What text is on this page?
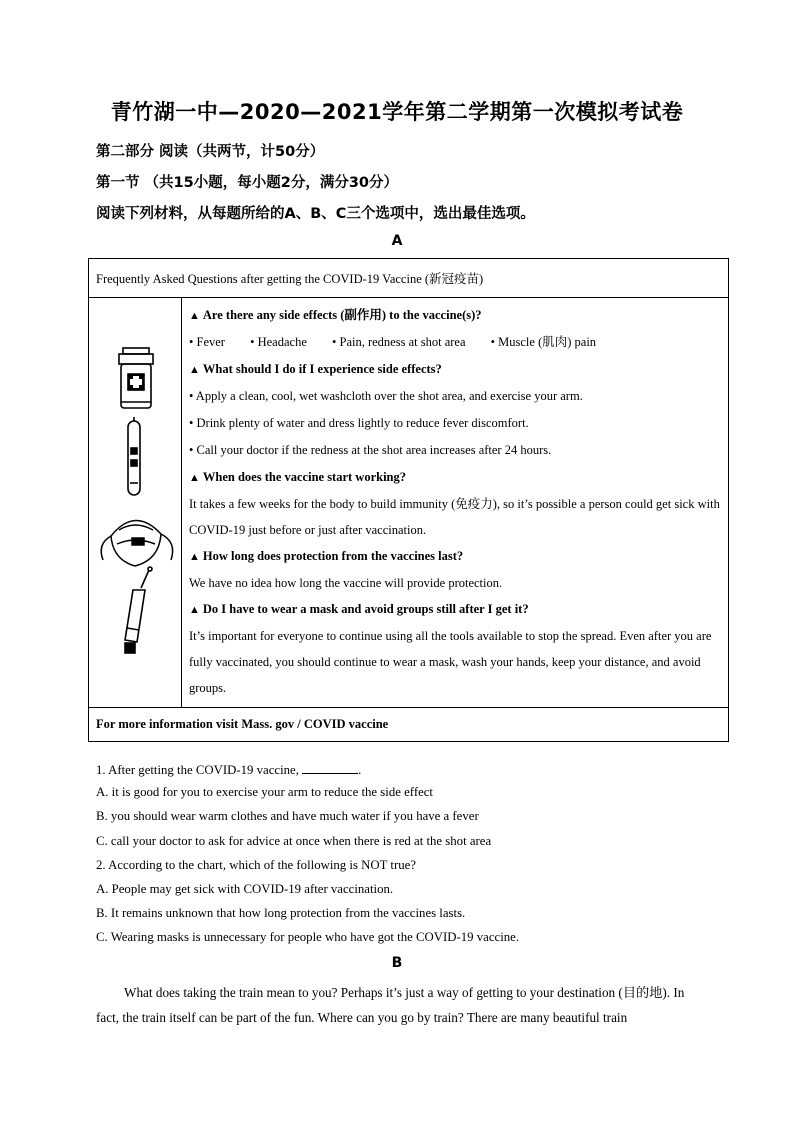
青竹湖一中—2020—2021学年第二学期第一次模拟考试卷
第二部分 阅读（共两节，计50分）
第一节 （共15小题，每小题2分，满分30分）
阅读下列材料，从每题所给的A、B、C三个选项中，选出最佳选项。
A
Frequently Asked Questions after getting the COVID-19 Vaccine (新冠疫苗)

▲ Are there any side effects (副作用) to the vaccine(s)?
• Fever • Headache • Pain, redness at shot area • Muscle (肌肉) pain
▲ What should I do if I experience side effects?
• Apply a clean, cool, wet washcloth over the shot area, and exercise your arm.
• Drink plenty of water and dress lightly to reduce fever discomfort.
• Call your doctor if the redness at the shot area increases after 24 hours.
▲ When does the vaccine start working?
It takes a few weeks for the body to build immunity (免疫力), so it’s possible a person could get sick with COVID-19 just before or just after vaccination.
▲ How long does protection from the vaccines last?
We have no idea how long the vaccine will provide protection.
▲ Do I have to wear a mask and avoid groups still after I get it?
It’s important for everyone to continue using all the tools available to stop the spread. Even after you are fully vaccinated, you should continue to wear a mask, wash your hands, keep your distance, and avoid groups.

For more information visit Mass. gov / COVID vaccine
1. After getting the COVID-19 vaccine,	.
A. it is good for you to exercise your arm to reduce the side effect
B. you should wear warm clothes and have much water if you have a fever
C. call your doctor to ask for advice at once when there is red at the shot area
2. According to the chart, which of the following is NOT true?
A. People may get sick with COVID-19 after vaccination.
B. It remains unknown that how long protection from the vaccines lasts.
C. Wearing masks is unnecessary for people who have got the COVID-19 vaccine.
B
What does taking the train mean to you? Perhaps it’s just a way of getting to your destination (目的地). In fact, the train itself can be part of the fun. Where can you go by train? There are many beautiful train
